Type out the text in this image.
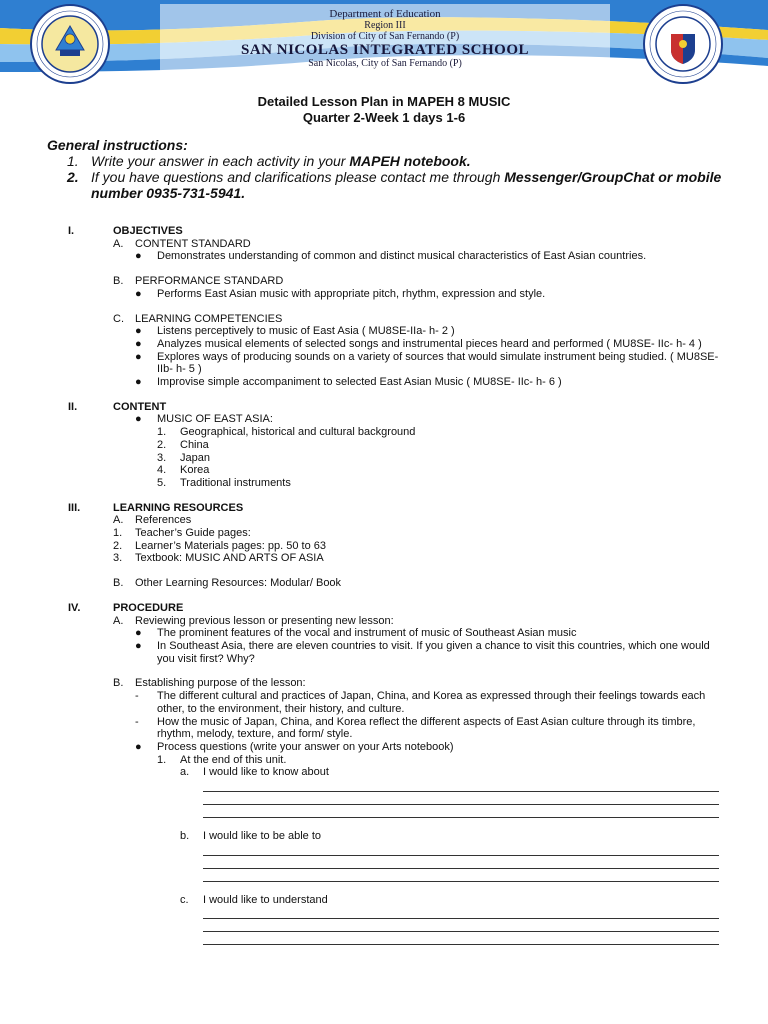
Department of Education
Region III
Division of City of San Fernando (P)
SAN NICOLAS INTEGRATED SCHOOL
San Nicolas, City of San Fernando (P)
Detailed Lesson Plan in MAPEH 8 MUSIC
Quarter 2-Week 1 days 1-6
General instructions:
1. Write your answer in each activity in your MAPEH notebook.
2. If you have questions and clarifications please contact me through Messenger/GroupChat or mobile number 0935-731-5941.
I.	OBJECTIVES
A. CONTENT STANDARD
● Demonstrates understanding of common and distinct musical characteristics of East Asian countries.
B. PERFORMANCE STANDARD
● Performs East Asian music with appropriate pitch, rhythm, expression and style.
C. LEARNING COMPETENCIES
● Listens perceptively to music of East Asia ( MU8SE-IIa- h- 2 )
● Analyzes musical elements of selected songs and instrumental pieces heard and performed ( MU8SE- IIc- h- 4 )
● Explores ways of producing sounds on a variety of sources that would simulate instrument being studied. ( MU8SE- IIb- h- 5 )
● Improvise simple accompaniment to selected East Asian Music ( MU8SE- IIc- h- 6 )
II.	CONTENT
● MUSIC OF EAST ASIA:
1. Geographical, historical and cultural background
2. China
3. Japan
4. Korea
5. Traditional instruments
III.	LEARNING RESOURCES
A. References
1. Teacher’s Guide pages:
2. Learner’s Materials pages: pp. 50 to 63
3. Textbook: MUSIC AND ARTS OF ASIA
B. Other Learning Resources: Modular/ Book
IV.	PROCEDURE
A. Reviewing previous lesson or presenting new lesson:
● The prominent features of the vocal and instrument of music of Southeast Asian music
● In Southeast Asia, there are eleven countries to visit. If you given a chance to visit this countries, which one would you visit first? Why?
B. Establishing purpose of the lesson:
- The different cultural and practices of Japan, China, and Korea as expressed through their feelings towards each other, to the environment, their history, and culture.
- How the music of Japan, China, and Korea reflect the different aspects of East Asian culture through its timbre, rhythm, melody, texture, and form/ style.
● Process questions (write your answer on your Arts notebook)
1. At the end of this unit.
a. I would like to know about
b. I would like to be able to
c. I would like to understand
